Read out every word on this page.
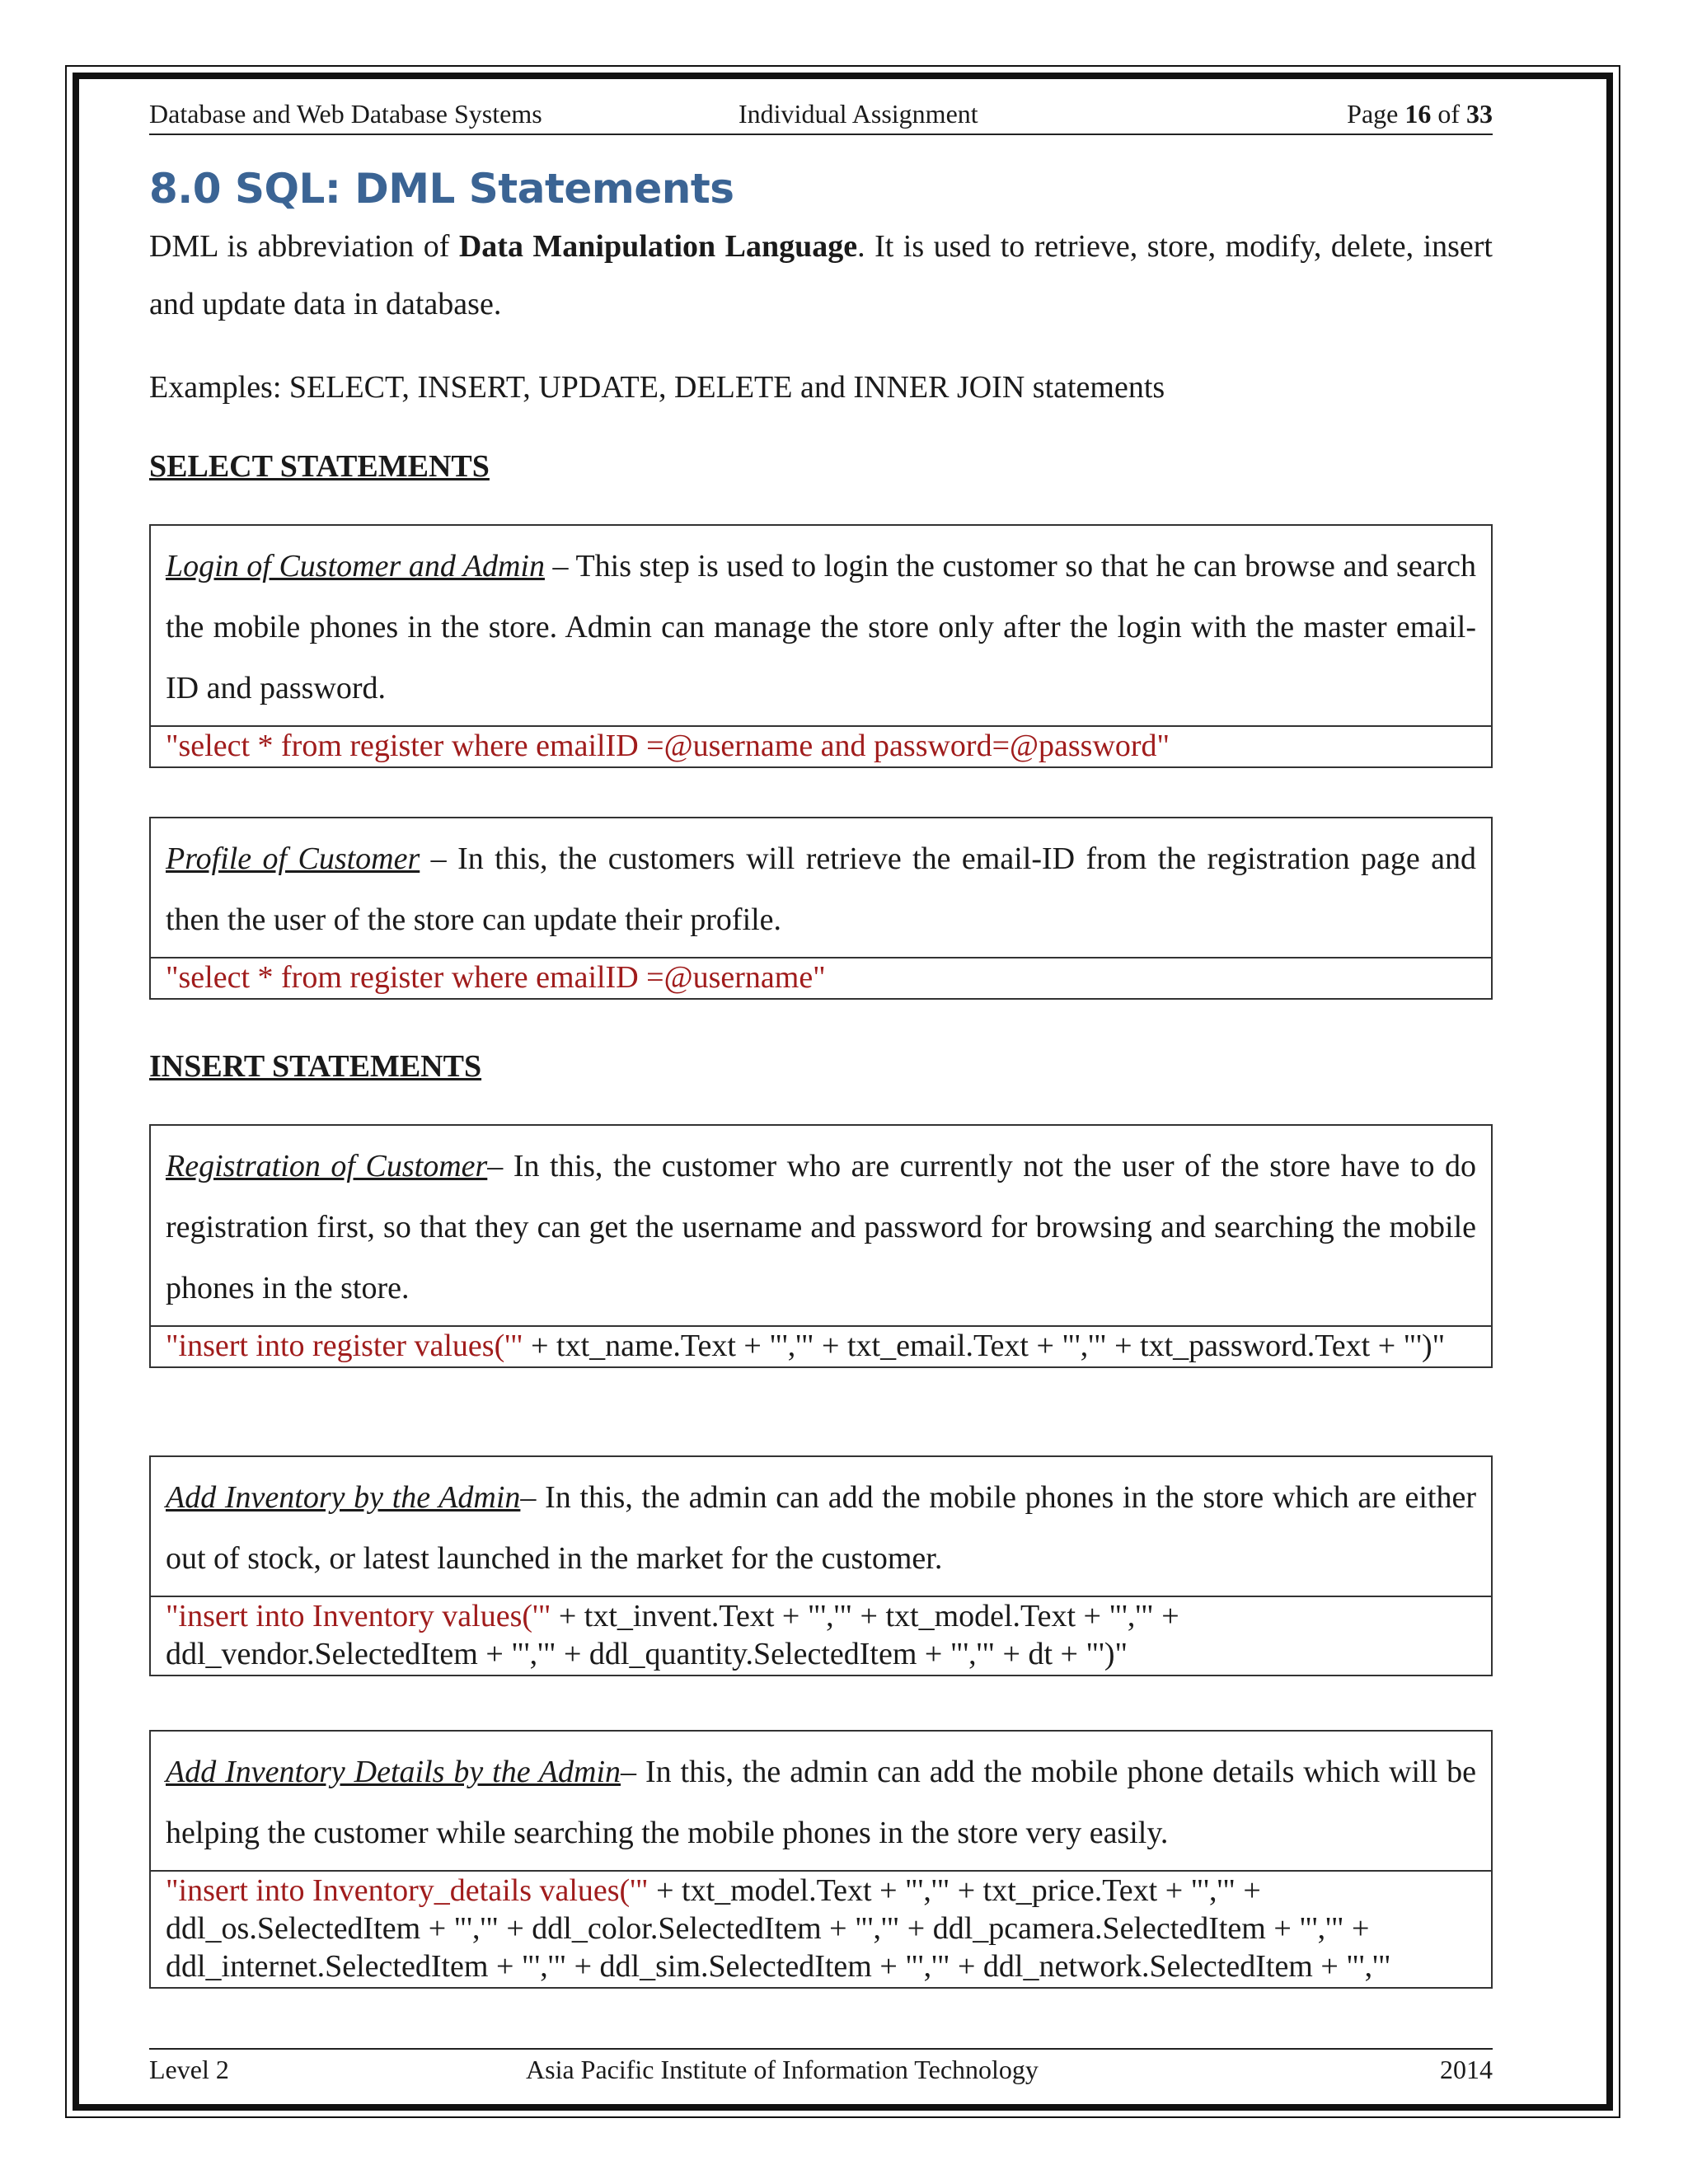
Database and Web Database Systems	Individual Assignment	Page 16 of 33
8.0 SQL: DML Statements
DML is abbreviation of Data Manipulation Language. It is used to retrieve, store, modify, delete, insert and update data in database.
Examples: SELECT, INSERT, UPDATE, DELETE and INNER JOIN statements
SELECT STATEMENTS
Login of Customer and Admin – This step is used to login the customer so that he can browse and search the mobile phones in the store. Admin can manage the store only after the login with the master email-ID and password.
"select * from register where emailID =@username and password=@password"
Profile of Customer – In this, the customers will retrieve the email-ID from the registration page and then the user of the store can update their profile.
"select * from register where emailID =@username"
INSERT STATEMENTS
Registration of Customer– In this, the customer who are currently not the user of the store have to do registration first, so that they can get the username and password for browsing and searching the mobile phones in the store.
"insert into register values('" + txt_name.Text + "','" + txt_email.Text + "','" + txt_password.Text + "')"
Add Inventory by the Admin– In this, the admin can add the mobile phones in the store which are either out of stock, or latest launched in the market for the customer.
"insert into Inventory values('" + txt_invent.Text + "','" + txt_model.Text + "','" + ddl_vendor.SelectedItem + "','" + ddl_quantity.SelectedItem + "','" + dt + "')"
Add Inventory Details by the Admin– In this, the admin can add the mobile phone details which will be helping the customer while searching the mobile phones in the store very easily.
"insert into Inventory_details values('" + txt_model.Text + "','" + txt_price.Text + "','" + ddl_os.SelectedItem + "','" + ddl_color.SelectedItem + "','" + ddl_pcamera.SelectedItem + "','" + ddl_internet.SelectedItem + "','" + ddl_sim.SelectedItem + "','" + ddl_network.SelectedItem + "','"
Level 2	Asia Pacific Institute of Information Technology	2014
